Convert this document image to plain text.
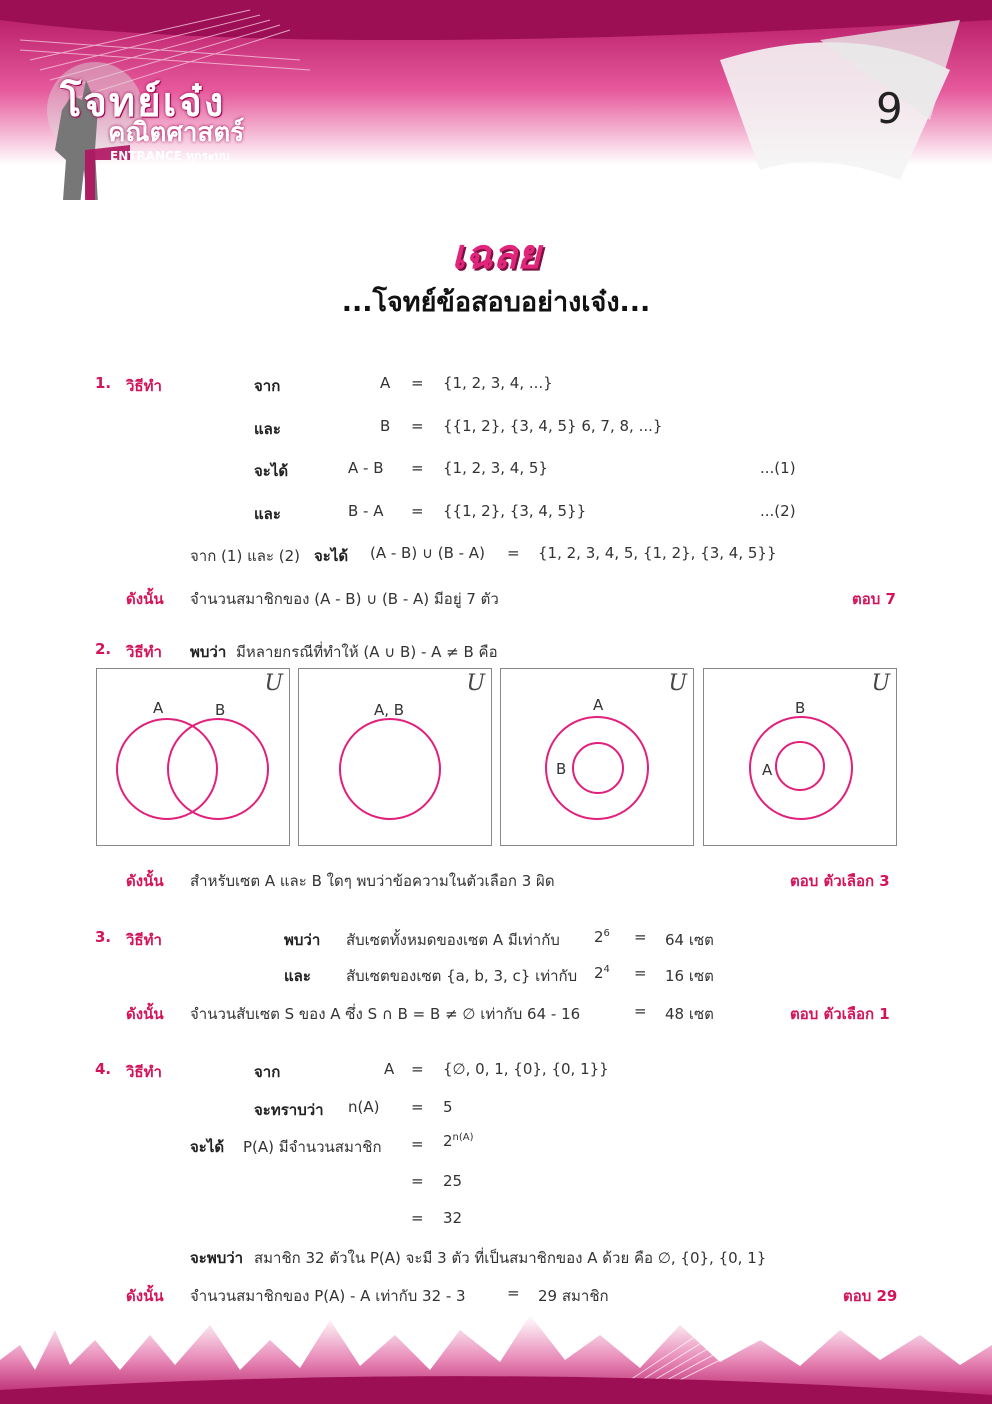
โจทย์เจ๋ง
คณิตศาสตร์
ENTRANCE ทุกระบบ
9
เฉลย
...โจทย์ข้อสอบอย่างเจ๋ง...
1. วิธีทำ	จาก	A = {1, 2, 3, 4, ...}
และ	B = {{1, 2}, {3, 4, 5} 6, 7, 8, ...}
จะได้	A - B = {1, 2, 3, 4, 5}	...(1)
และ	B - A = {{1, 2}, {3, 4, 5}}	...(2)
จาก (1) และ (2) จะได้ (A - B) ∪ (B - A) = {1, 2, 3, 4, 5, {1, 2}, {3, 4, 5}}
ดังนั้น จำนวนสมาชิกของ (A - B) ∪ (B - A) มีอยู่ 7 ตัว	ตอบ 7
2. วิธีทำ พบว่า มีหลายกรณีที่ทำให้ (A ∪ B) - A ≠ B คือ
U
A	B
U
A, B
U
A
B
U
B
A
ดังนั้น สำหรับเซต A และ B ใดๆ พบว่าข้อความในตัวเลือก 3 ผิด	ตอบ ตัวเลือก 3
3. วิธีทำ	พบว่า สับเซตทั้งหมดของเซต A มีเท่ากับ $2^6 = 64$ เซต
และ สับเซตของเซต {a, b, 3, c} เท่ากับ $2^4 = 16$ เซต
ดังนั้น จำนวนสับเซต S ของ A ซึ่ง S ∩ B = B ≠ ∅ เท่ากับ 64 - 16	= 48 เซต	ตอบ ตัวเลือก 1
4. วิธีทำ	จาก	A = {∅, 0, 1, {0}, {0, 1}}
จะทราบว่า n(A) = 5
จะได้ P(A) มีจำนวนสมาชิก = $2^{n(A)}$
= 25
= 32
จะพบว่า สมาชิก 32 ตัวใน P(A) จะมี 3 ตัว ที่เป็นสมาชิกของ A ด้วย คือ ∅, {0}, {0, 1}
ดังนั้น จำนวนสมาชิกของ P(A) - A เท่ากับ 32 - 3	= 29 สมาชิก	ตอบ 29
